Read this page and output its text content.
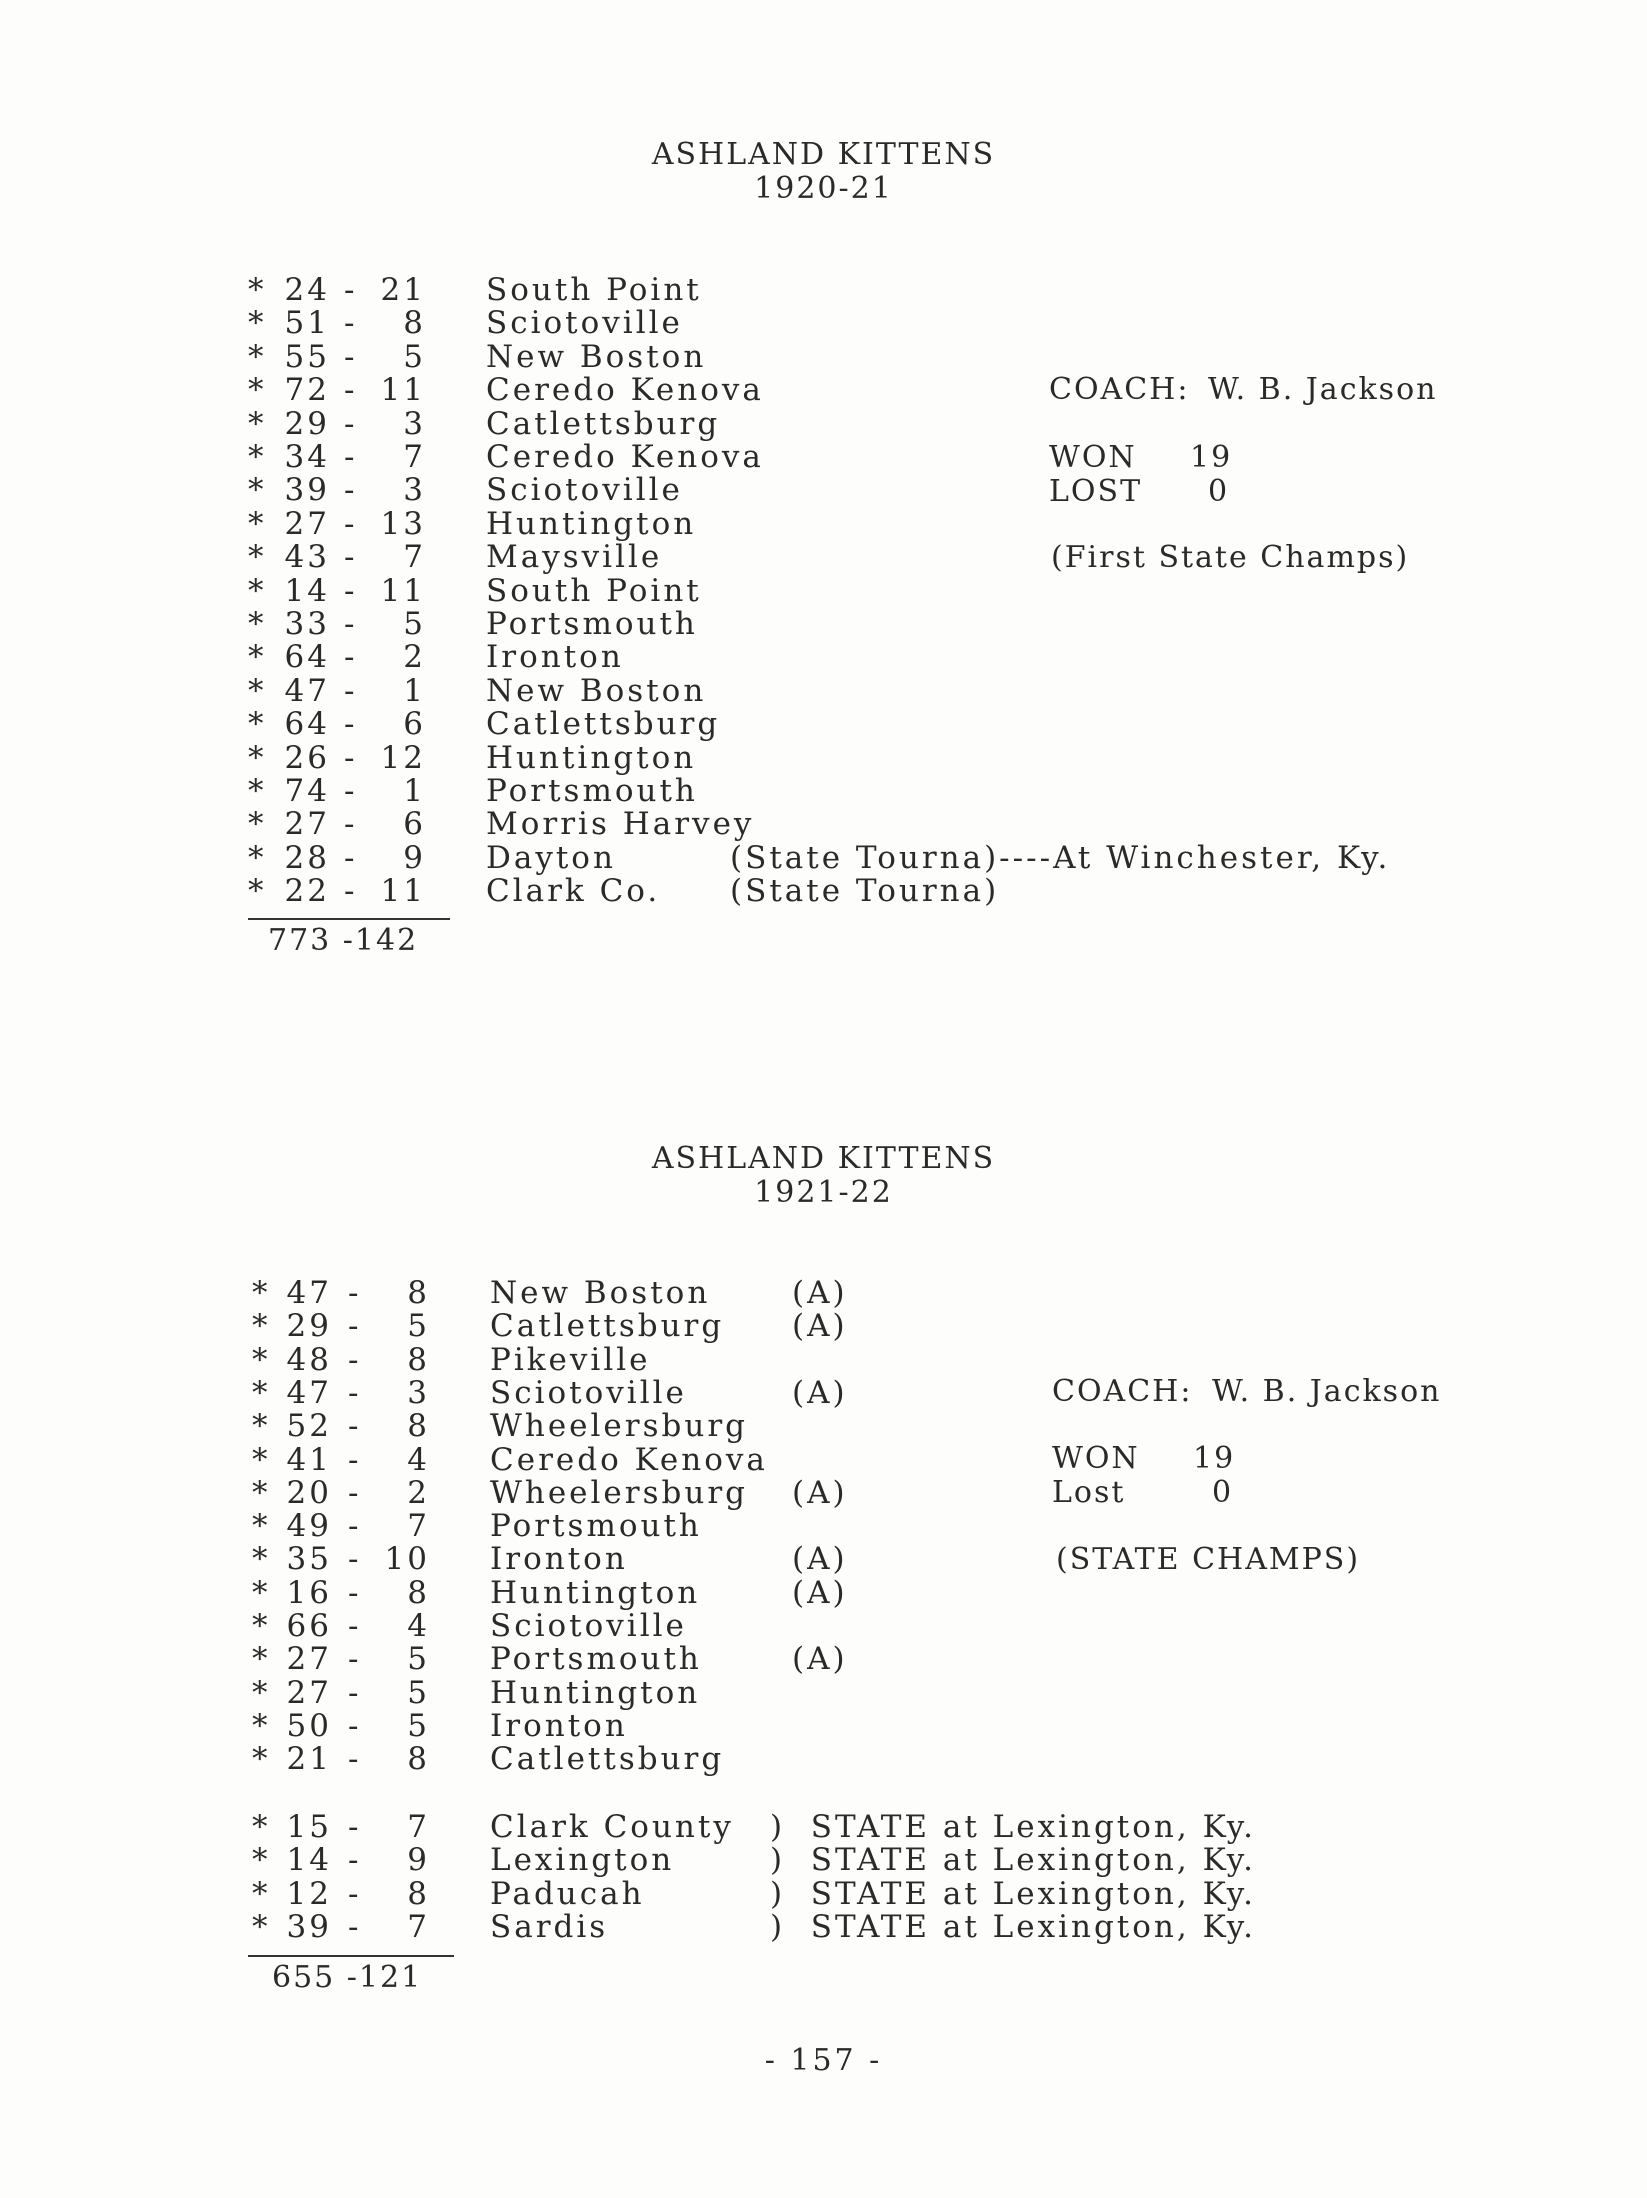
ASHLAND KITTENS
1920-21
* 24 - 21 South Point
* 51 -	8 Sciotoville
* 55 -	5 New Boston
* 72 - 11 Ceredo Kenova
* 29 -	3 Catlettsburg
* 34 -	7 Ceredo Kenova
* 39 -	3 Sciotoville
* 27 - 13 Huntington
* 43 -	7 Maysville
* 14 - 11 South Point
* 33 -	5 Portsmouth
* 64 -	2 Ironton
* 47 -	1 New Boston
* 64 -	6 Catlettsburg
* 26 - 12 Huntington
* 74 -	1 Portsmouth
* 27 -	6 Morris Harvey
* 28 -	9 Dayton	(State Tourna)----At Winchester, Ky.
* 22 - 11 Clark Co. (State Tourna)
773 -142
COACH: W. B. Jackson
WON 19
LOST 0
(First State Champs)
ASHLAND KITTENS
1921-22
* 47 -	8 New Boston	(A)
* 29 -	5 Catlettsburg (A)
* 48 -	8 Pikeville
* 47 -	3 Sciotoville	(A)
* 52 -	8 Wheelersburg
* 41 -	4 Ceredo Kenova
* 20 -	2 Wheelersburg (A)
* 49 -	7 Portsmouth
* 35 - 10 Ironton	(A)
* 16 -	8 Huntington	(A)
* 66 -	4 Sciotoville
* 27 -	5 Portsmouth	(A)
* 27 -	5 Huntington
* 50 -	5 Ironton
* 21 -	8 Catlettsburg
* 15 -	7 Clark County )  STATE at Lexington, Ky.
* 14 -	9 Lexington	)  STATE at Lexington, Ky.
* 12 -	8 Paducah	)  STATE at Lexington, Ky.
* 39 -	7 Sardis	)  STATE at Lexington, Ky.
655 -121
COACH: W. B. Jackson
WON 19
Lost	0
(STATE CHAMPS)
- 157 -
